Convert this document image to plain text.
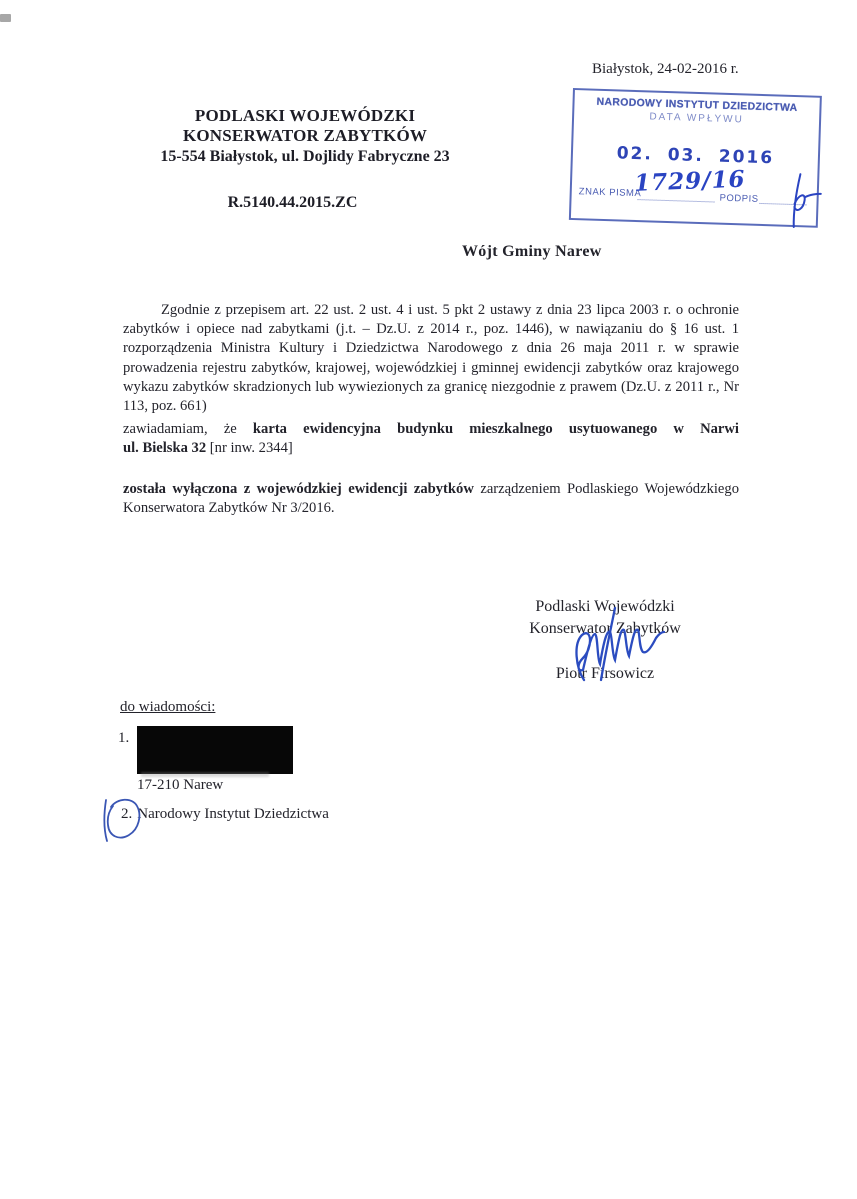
Białystok, 24-02-2016 r.
NARODOWY INSTYTUT DZIEDZICTWA
DATA WPŁYWU
02. 03. 2016
ZNAK PISMA
1729/16
PODPIS
PODLASKI WOJEWÓDZKI
KONSERWATOR ZABYTKÓW
15-554 Białystok, ul. Dojlidy Fabryczne 23
R.5140.44.2015.ZC
Wójt Gminy Narew

Zgodnie z przepisem art. 22 ust. 2 ust. 4 i ust. 5 pkt 2 ustawy z dnia 23 lipca 2003 r. o ochronie zabytków i opiece nad zabytkami (j.t. – Dz.U. z 2014 r., poz. 1446), w nawiązaniu do § 16 ust. 1 rozporządzenia Ministra Kultury i Dziedzictwa Narodowego z dnia 26 maja 2011 r. w sprawie prowadzenia rejestru zabytków, krajowej, wojewódzkiej i gminnej ewidencji zabytków oraz krajowego wykazu zabytków skradzionych lub wywiezionych za granicę niezgodnie z prawem (Dz.U. z 2011 r., Nr 113, poz. 661)

zawiadamiam, że karta ewidencyjna budynku mieszkalnego usytuowanego w Narwi
ul. Bielska 32 [nr inw. 2344]

została wyłączona z wojewódzkiej ewidencji zabytków zarządzeniem Podlaskiego Wojewódzkiego Konserwatora Zabytków Nr 3/2016.

Podlaski Wojewódzki
Konserwator Zabytków
Piotr Firsowicz
do wiadomości:
1.
17-210 Narew
2. Narodowy Instytut Dziedzictwa
